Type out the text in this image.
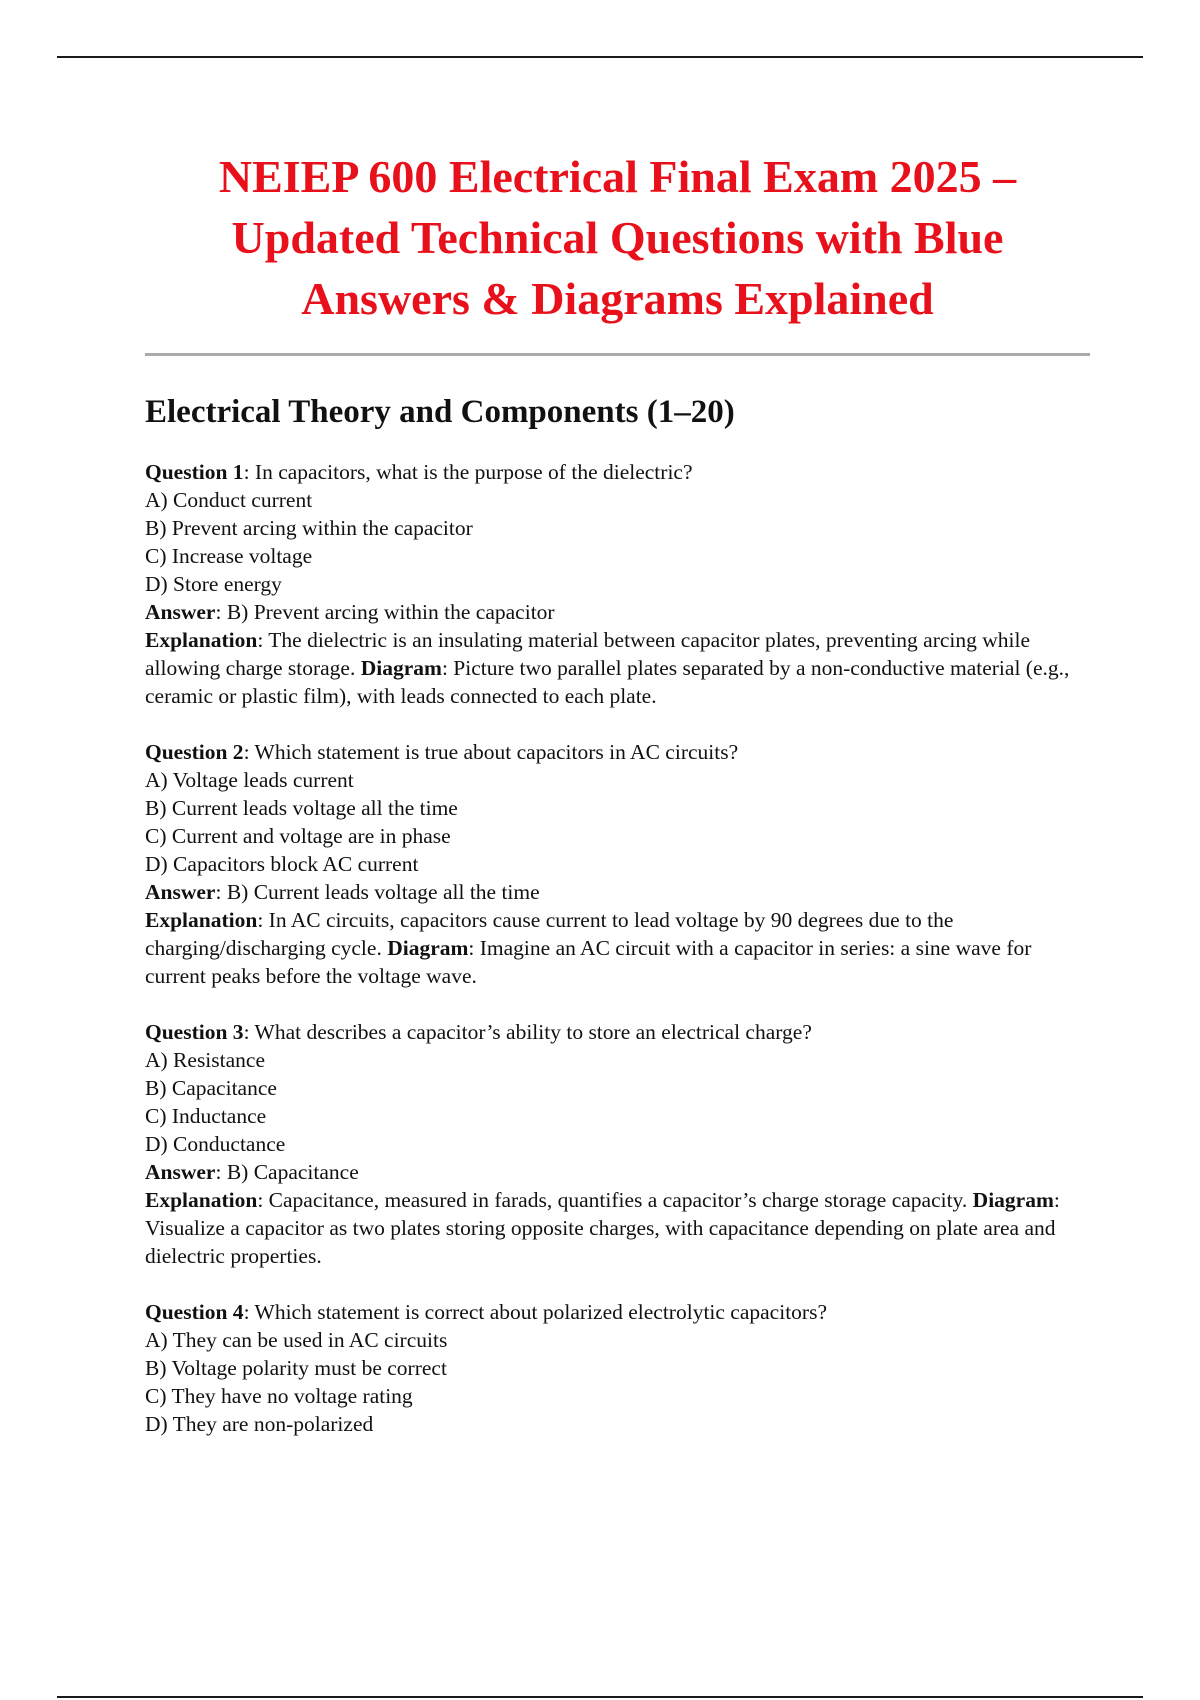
NEIEP 600 Electrical Final Exam 2025 – Updated Technical Questions with Blue Answers & Diagrams Explained
Electrical Theory and Components (1–20)
Question 1: In capacitors, what is the purpose of the dielectric?
A) Conduct current
B) Prevent arcing within the capacitor
C) Increase voltage
D) Store energy
Answer: B) Prevent arcing within the capacitor
Explanation: The dielectric is an insulating material between capacitor plates, preventing arcing while allowing charge storage. Diagram: Picture two parallel plates separated by a non-conductive material (e.g., ceramic or plastic film), with leads connected to each plate.
Question 2: Which statement is true about capacitors in AC circuits?
A) Voltage leads current
B) Current leads voltage all the time
C) Current and voltage are in phase
D) Capacitors block AC current
Answer: B) Current leads voltage all the time
Explanation: In AC circuits, capacitors cause current to lead voltage by 90 degrees due to the charging/discharging cycle. Diagram: Imagine an AC circuit with a capacitor in series: a sine wave for current peaks before the voltage wave.
Question 3: What describes a capacitor’s ability to store an electrical charge?
A) Resistance
B) Capacitance
C) Inductance
D) Conductance
Answer: B) Capacitance
Explanation: Capacitance, measured in farads, quantifies a capacitor’s charge storage capacity. Diagram: Visualize a capacitor as two plates storing opposite charges, with capacitance depending on plate area and dielectric properties.
Question 4: Which statement is correct about polarized electrolytic capacitors?
A) They can be used in AC circuits
B) Voltage polarity must be correct
C) They have no voltage rating
D) They are non-polarized
